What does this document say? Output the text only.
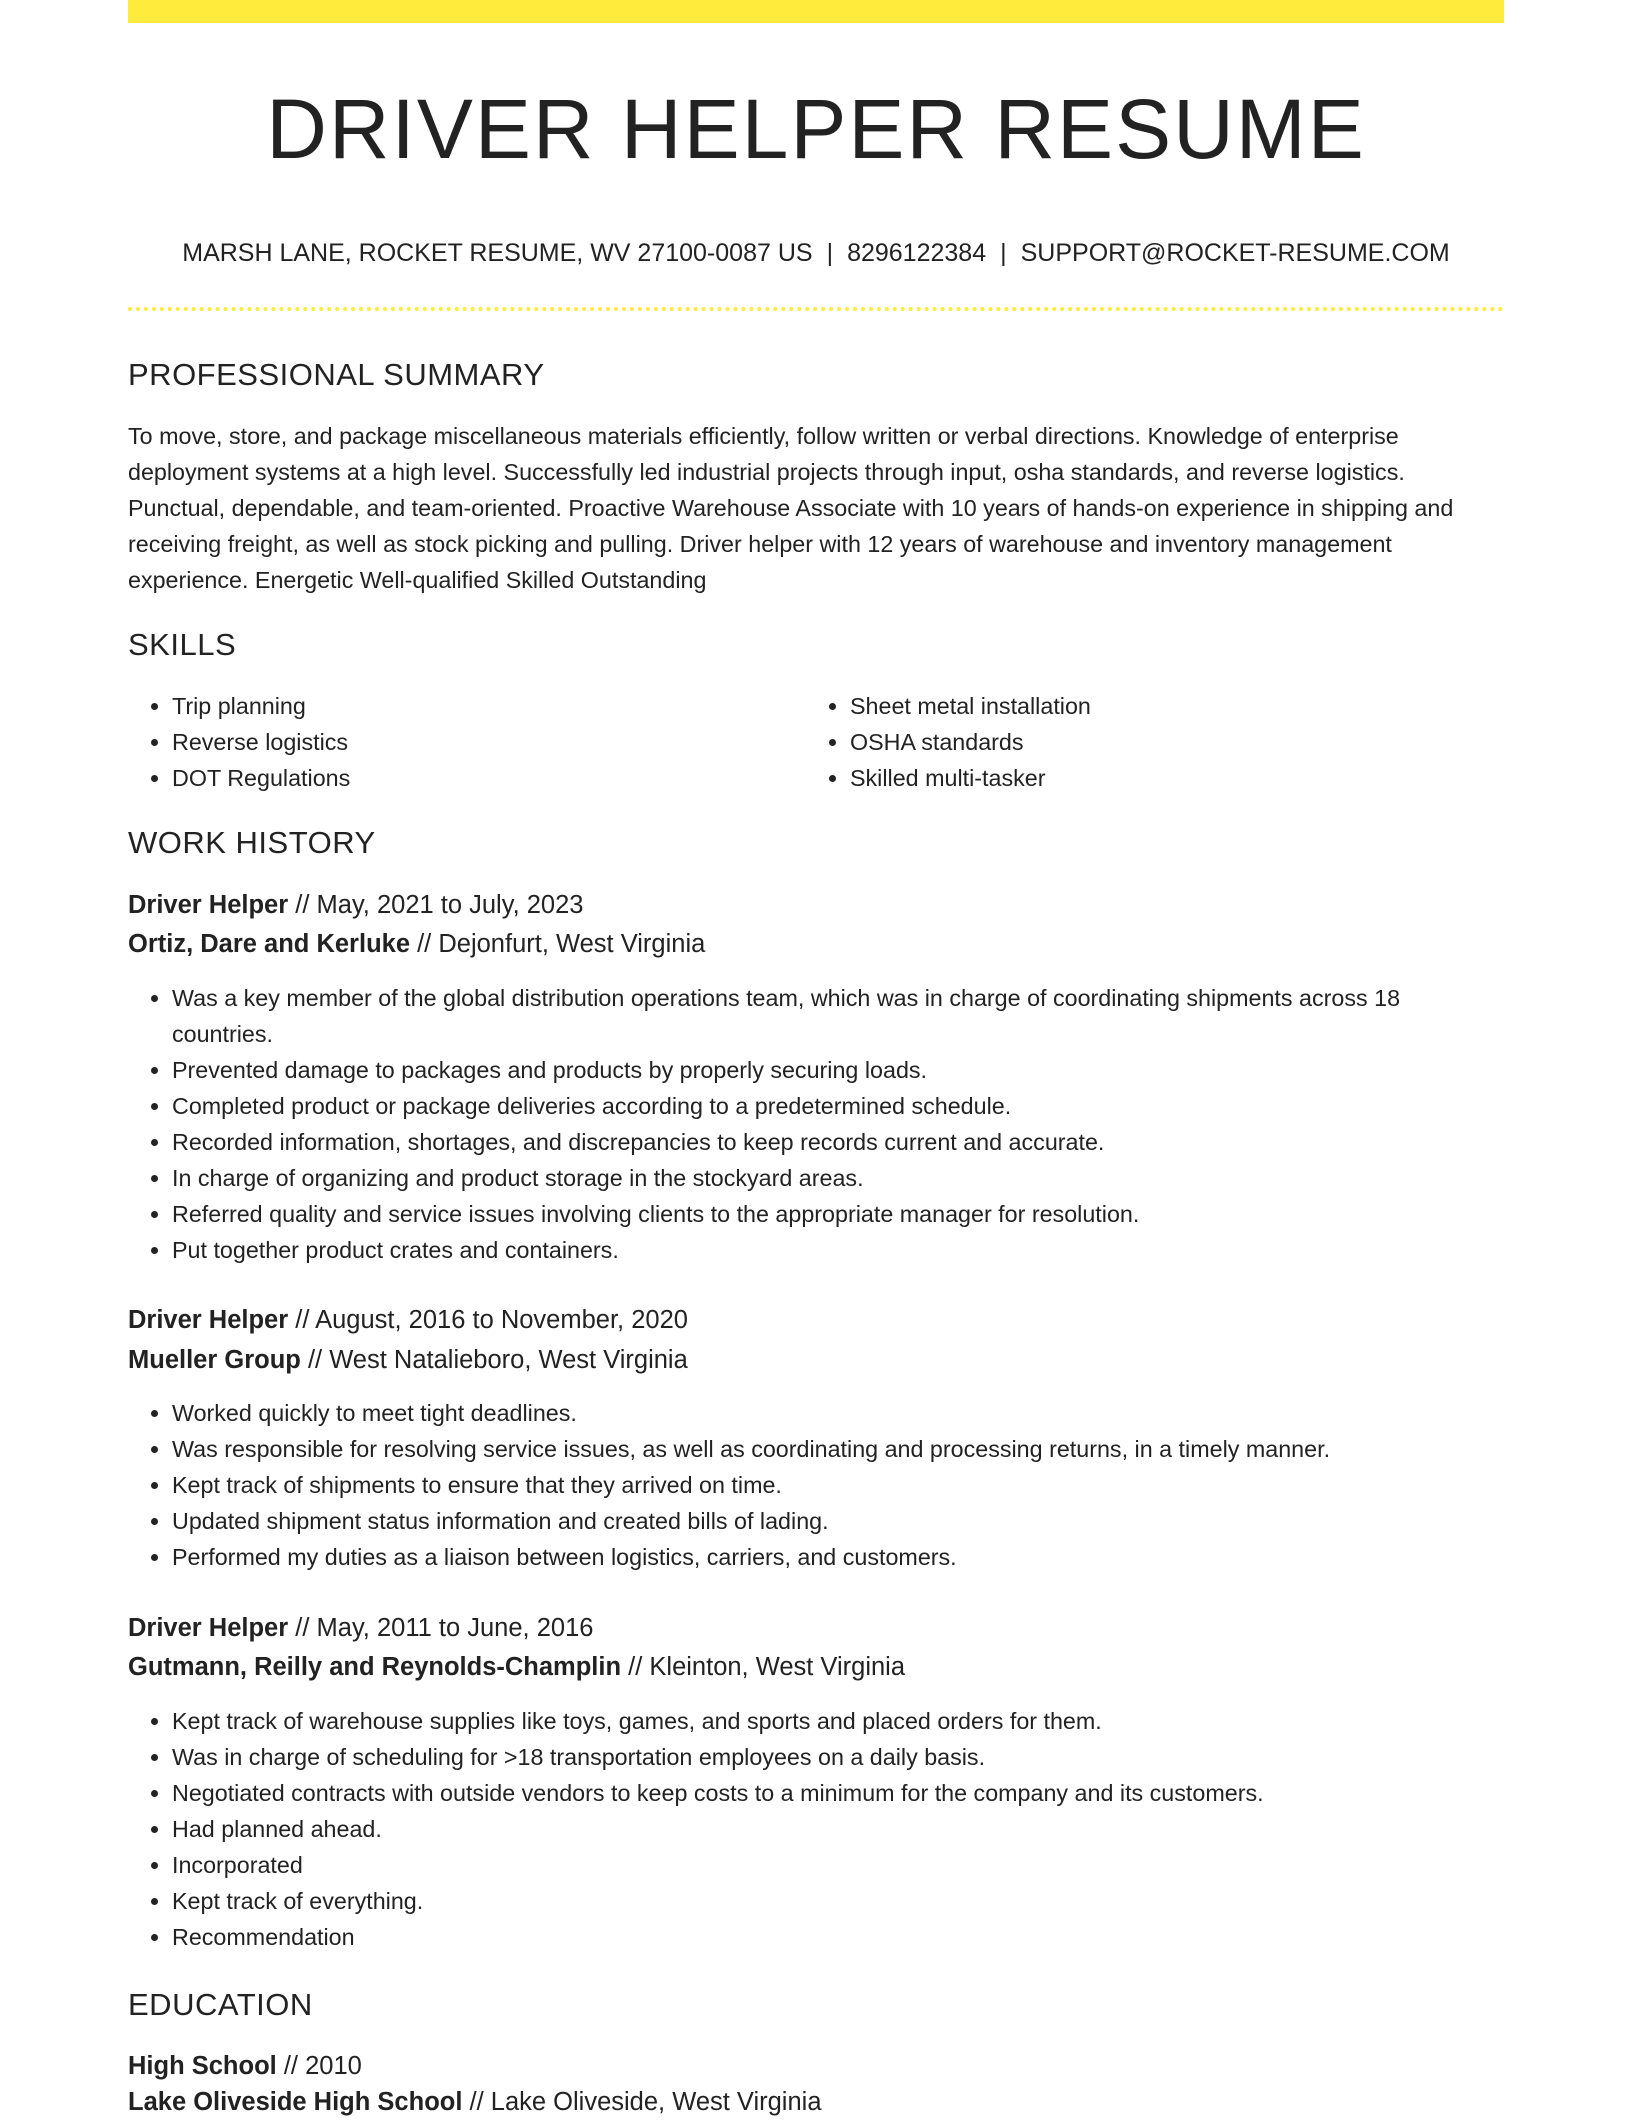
DRIVER HELPER RESUME
MARSH LANE, ROCKET RESUME, WV 27100-0087 US | 8296122384 | SUPPORT@ROCKET-RESUME.COM
PROFESSIONAL SUMMARY
To move, store, and package miscellaneous materials efficiently, follow written or verbal directions. Knowledge of enterprise deployment systems at a high level. Successfully led industrial projects through input, osha standards, and reverse logistics. Punctual, dependable, and team-oriented. Proactive Warehouse Associate with 10 years of hands-on experience in shipping and receiving freight, as well as stock picking and pulling. Driver helper with 12 years of warehouse and inventory management experience. Energetic Well-qualified Skilled Outstanding
SKILLS
• Trip planning
• Reverse logistics
• DOT Regulations
• Sheet metal installation
• OSHA standards
• Skilled multi-tasker
WORK HISTORY
Driver Helper // May, 2021 to July, 2023
Ortiz, Dare and Kerluke // Dejonfurt, West Virginia
• Was a key member of the global distribution operations team, which was in charge of coordinating shipments across 18 countries.
• Prevented damage to packages and products by properly securing loads.
• Completed product or package deliveries according to a predetermined schedule.
• Recorded information, shortages, and discrepancies to keep records current and accurate.
• In charge of organizing and product storage in the stockyard areas.
• Referred quality and service issues involving clients to the appropriate manager for resolution.
• Put together product crates and containers.
Driver Helper // August, 2016 to November, 2020
Mueller Group // West Natalieboro, West Virginia
• Worked quickly to meet tight deadlines.
• Was responsible for resolving service issues, as well as coordinating and processing returns, in a timely manner.
• Kept track of shipments to ensure that they arrived on time.
• Updated shipment status information and created bills of lading.
• Performed my duties as a liaison between logistics, carriers, and customers.
Driver Helper // May, 2011 to June, 2016
Gutmann, Reilly and Reynolds-Champlin // Kleinton, West Virginia
• Kept track of warehouse supplies like toys, games, and sports and placed orders for them.
• Was in charge of scheduling for >18 transportation employees on a daily basis.
• Negotiated contracts with outside vendors to keep costs to a minimum for the company and its customers.
• Had planned ahead.
• Incorporated
• Kept track of everything.
• Recommendation
EDUCATION
High School // 2010
Lake Oliveside High School // Lake Oliveside, West Virginia
